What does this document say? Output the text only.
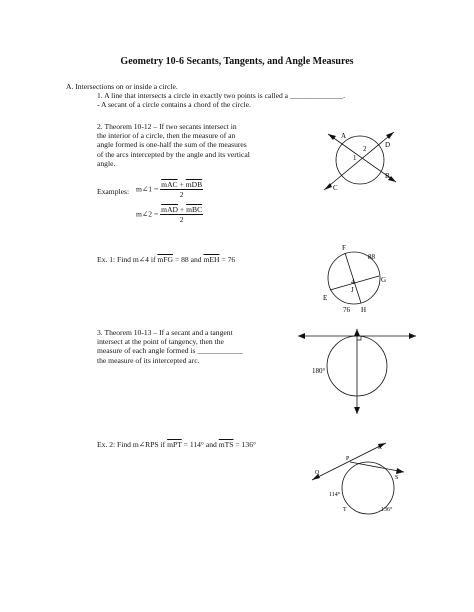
Geometry 10-6 Secants, Tangents, and Angle Measures
A. Intersections on or inside a circle.
1. A line that intersects a circle in exactly two points is called a ______________.
- A secant of a circle contains a chord of the circle.
2. Theorem 10-12 – If two secants intersect in
the interior of a circle, then the measure of an
angle formed is one-half the sum of the measures
of the arcs intercepted by the angle and its vertical
angle.
Examples: m∠1 = $\frac{\overline{mAC} + \overline{mDB}}{2}$
m∠2 = $\frac{\overline{mAD} + \overline{mBC}}{2}$
A
B
C
D
1
2
Ex. 1: Find m∠4 if $\overline{mFG} = 88$ and $\overline{mEH} = 76$
F
G
E
H
J
4
88
76
3. Theorem 10-13 – If a secant and a tangent
intersect at the point of tangency, then the
measure of each angle formed is ____________
the measure of its intercepted arc.
180°
Ex. 2: Find m∠RPS if $\overline{mPT} = 114^\circ$ and $\overline{mTS} = 136^\circ$	R
P
Q
S
T
114°
136°
